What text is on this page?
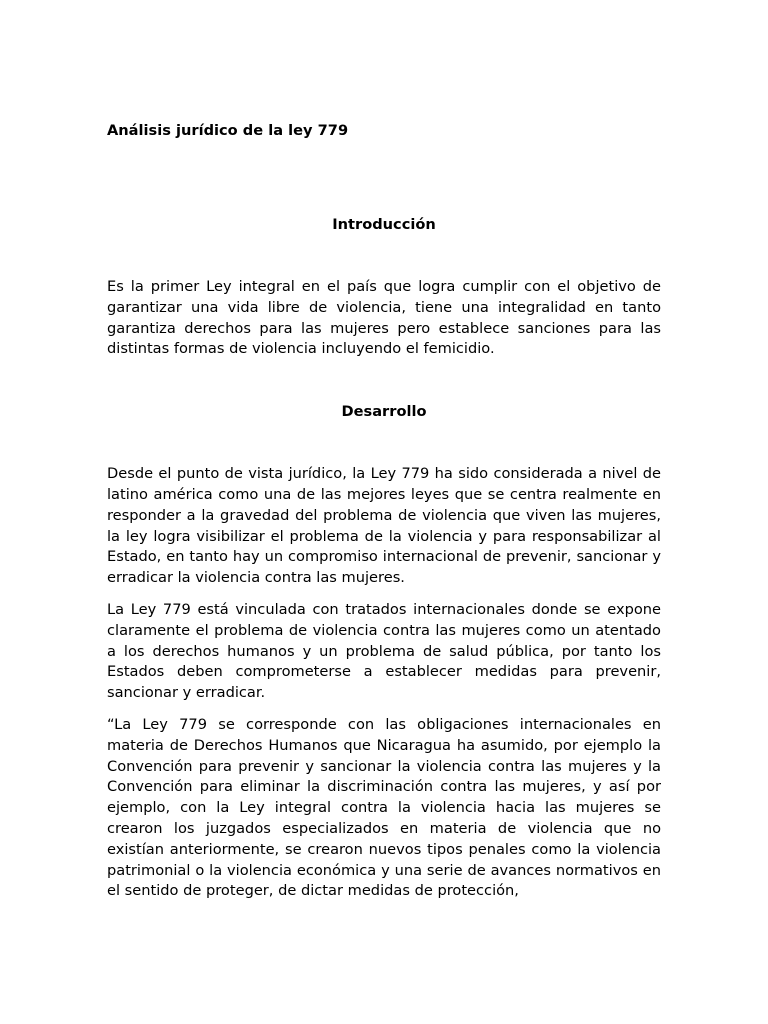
Análisis jurídico de la ley 779

Introducción

Es la primer Ley integral en el país que logra cumplir con el objetivo de garantizar una vida libre de violencia, tiene una integralidad en tanto garantiza derechos para las mujeres pero establece sanciones para las distintas formas de violencia incluyendo el femicidio.

Desarrollo

Desde el punto de vista jurídico, la Ley 779 ha sido considerada a nivel de latino américa como una de las mejores leyes que se centra realmente en responder a la gravedad del problema de violencia que viven las mujeres, la ley logra visibilizar el problema de la violencia y para responsabilizar al Estado, en tanto hay un compromiso internacional de prevenir, sancionar y erradicar la violencia contra las mujeres.

La Ley 779 está vinculada con tratados internacionales donde se expone claramente el problema de violencia contra las mujeres como un atentado a los derechos humanos y un problema de salud pública, por tanto los Estados deben comprometerse a establecer medidas para prevenir, sancionar y erradicar.

“La Ley 779 se corresponde con las obligaciones internacionales en materia de Derechos Humanos que Nicaragua ha asumido, por ejemplo la Convención para prevenir y sancionar la violencia contra las mujeres y la Convención para eliminar la discriminación contra las mujeres, y así por ejemplo, con la Ley integral contra la violencia hacia las mujeres se crearon los juzgados especializados en materia de violencia que no existían anteriormente, se crearon nuevos tipos penales como la violencia patrimonial o la violencia económica y una serie de avances normativos en el sentido de proteger, de dictar medidas de protección,
